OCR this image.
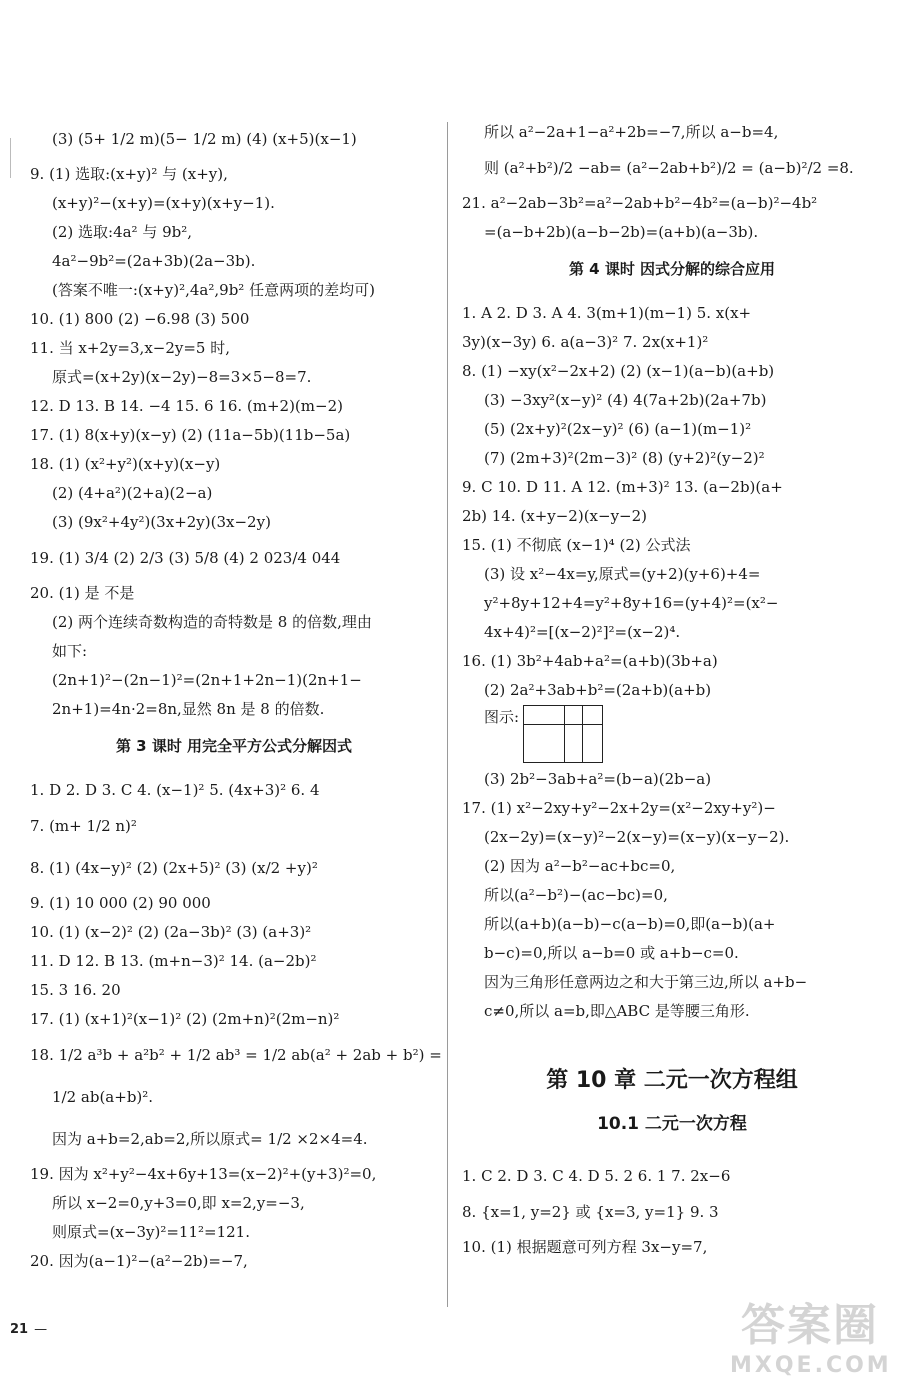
(3) (5+ 1/2 m)(5− 1/2 m) (4) (x+5)(x−1)
9. (1) 选取:(x+y)² 与 (x+y),
(x+y)²−(x+y)=(x+y)(x+y−1).
(2) 选取:4a² 与 9b²,
4a²−9b²=(2a+3b)(2a−3b).
(答案不唯一:(x+y)²,4a²,9b² 任意两项的差均可)
10. (1) 800 (2) −6.98 (3) 500
11. 当 x+2y=3,x−2y=5 时,
原式=(x+2y)(x−2y)−8=3×5−8=7.
12. D 13. B 14. −4 15. 6 16. (m+2)(m−2)
17. (1) 8(x+y)(x−y) (2) (11a−5b)(11b−5a)
18. (1) (x²+y²)(x+y)(x−y)
(2) (4+a²)(2+a)(2−a)
(3) (9x²+4y²)(3x+2y)(3x−2y)
19. (1) 3/4 (2) 2/3 (3) 5/8 (4) 2 023/4 044
20. (1) 是 不是
(2) 两个连续奇数构造的奇特数是 8 的倍数,理由
如下:
(2n+1)²−(2n−1)²=(2n+1+2n−1)(2n+1−
2n+1)=4n·2=8n,显然 8n 是 8 的倍数.
第 3 课时 用完全平方公式分解因式
1. D 2. D 3. C 4. (x−1)² 5. (4x+3)² 6. 4
7. (m+ 1/2 n)²
8. (1) (4x−y)² (2) (2x+5)² (3) (x/2 +y)²
9. (1) 10 000 (2) 90 000
10. (1) (x−2)² (2) (2a−3b)² (3) (a+3)²
11. D 12. B 13. (m+n−3)² 14. (a−2b)²
15. 3 16. 20
17. (1) (x+1)²(x−1)² (2) (2m+n)²(2m−n)²
18. 1/2 a³b + a²b² + 1/2 ab³ = 1/2 ab(a² + 2ab + b²) =
1/2 ab(a+b)².
因为 a+b=2,ab=2,所以原式= 1/2 ×2×4=4.
19. 因为 x²+y²−4x+6y+13=(x−2)²+(y+3)²=0,
所以 x−2=0,y+3=0,即 x=2,y=−3,
则原式=(x−3y)²=11²=121.
20. 因为(a−1)²−(a²−2b)=−7,
所以 a²−2a+1−a²+2b=−7,所以 a−b=4,
则 (a²+b²)/2 −ab= (a²−2ab+b²)/2 = (a−b)²/2 =8.
21. a²−2ab−3b²=a²−2ab+b²−4b²=(a−b)²−4b²
=(a−b+2b)(a−b−2b)=(a+b)(a−3b).
第 4 课时 因式分解的综合应用
1. A 2. D 3. A 4. 3(m+1)(m−1) 5. x(x+
3y)(x−3y) 6. a(a−3)² 7. 2x(x+1)²
8. (1) −xy(x²−2x+2) (2) (x−1)(a−b)(a+b)
(3) −3xy²(x−y)² (4) 4(7a+2b)(2a+7b)
(5) (2x+y)²(2x−y)² (6) (a−1)(m−1)²
(7) (2m+3)²(2m−3)² (8) (y+2)²(y−2)²
9. C 10. D 11. A 12. (m+3)² 13. (a−2b)(a+
2b) 14. (x+y−2)(x−y−2)
15. (1) 不彻底 (x−1)⁴ (2) 公式法
(3) 设 x²−4x=y,原式=(y+2)(y+6)+4=
y²+8y+12+4=y²+8y+16=(y+4)²=(x²−
4x+4)²=[(x−2)²]²=(x−2)⁴.
16. (1) 3b²+4ab+a²=(a+b)(3b+a)
(2) 2a²+3ab+b²=(2a+b)(a+b)
图示:
(3) 2b²−3ab+a²=(b−a)(2b−a)
17. (1) x²−2xy+y²−2x+2y=(x²−2xy+y²)−
(2x−2y)=(x−y)²−2(x−y)=(x−y)(x−y−2).
(2) 因为 a²−b²−ac+bc=0,
所以(a²−b²)−(ac−bc)=0,
所以(a+b)(a−b)−c(a−b)=0,即(a−b)(a+
b−c)=0,所以 a−b=0 或 a+b−c=0.
因为三角形任意两边之和大于第三边,所以 a+b−
c≠0,所以 a=b,即△ABC 是等腰三角形.
第 10 章 二元一次方程组
10.1 二元一次方程
1. C 2. D 3. C 4. D 5. 2 6. 1 7. 2x−6
8. {x=1, y=2} 或 {x=3, y=1} 9. 3
10. (1) 根据题意可列方程 3x−y=7,
21 —	答案圈
MXQE.COM
